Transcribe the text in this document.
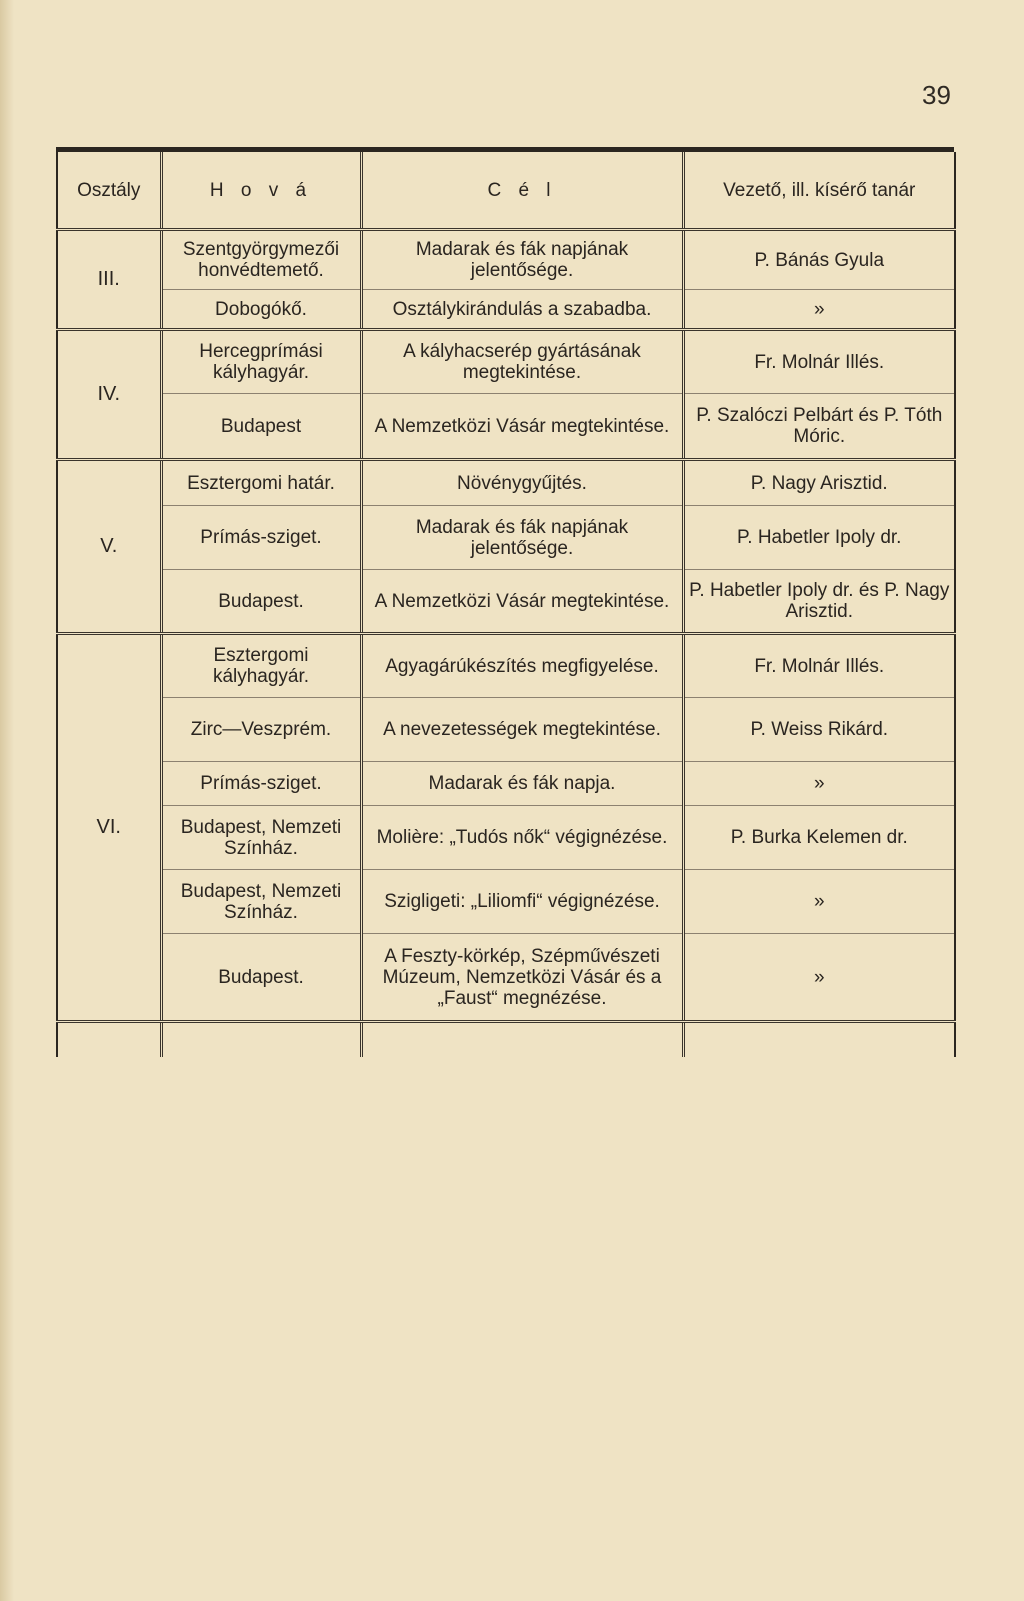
39
Osztály	H o v á	C é l	Vezető, ill. kísérő tanár
III.	Szentgyörgymezői honvédtemető.	Madarak és fák napjának jelentősége.	P. Bánás Gyula
	Dobogókő.	Osztálykirándulás a szabadba.	»
IV.	Hercegprímási kályhagyár.	A kályhacserép gyártásának megtekintése.	Fr. Molnár Illés.
	Budapest	A Nemzetközi Vásár megtekintése.	P. Szalóczi Pelbárt és P. Tóth Móric.
V.	Esztergomi határ.	Növénygyűjtés.	P. Nagy Arisztid.
	Prímás-sziget.	Madarak és fák napjának jelentősége.	P. Habetler Ipoly dr.
	Budapest.	A Nemzetközi Vásár megtekintése.	P. Habetler Ipoly dr. és P. Nagy Arisztid.
VI.	Esztergomi kályhagyár.	Agyagárúkészítés megfigyelése.	Fr. Molnár Illés.
	Zirc—Veszprém.	A nevezetességek megtekintése.	P. Weiss Rikárd.
	Prímás-sziget.	Madarak és fák napja.	»
	Budapest, Nemzeti Színház.	Molière: „Tudós nők“ végignézése.	P. Burka Kelemen dr.
	Budapest, Nemzeti Színház.	Szigligeti: „Liliomfi“ végignézése.	»
	Budapest.	A Feszty-körkép, Szépművészeti Múzeum, Nemzetközi Vásár és a „Faust“ megnézése.	»
